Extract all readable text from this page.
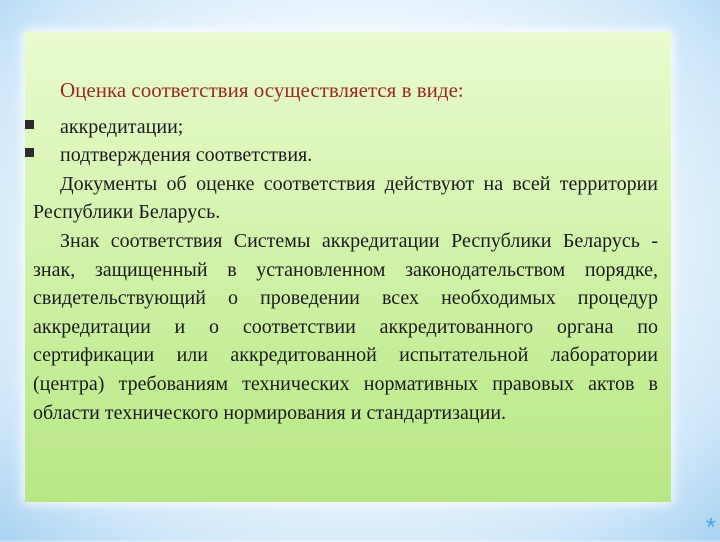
Оценка соответствия осуществляется в виде:

аккредитации;
подтверждения соответствия.

Документы об оценке соответствия действуют на всей территории Республики Беларусь.

Знак соответствия Системы аккредитации Республики Беларусь - знак, защищенный в установленном законодательством порядке, свидетельствующий о проведении всех необходимых процедур аккредитации и о соответствии аккредитованного органа по сертификации или аккредитованной испытательной лаборатории (центра) требованиям технических нормативных правовых актов в области технического нормирования и стандартизации.

*
